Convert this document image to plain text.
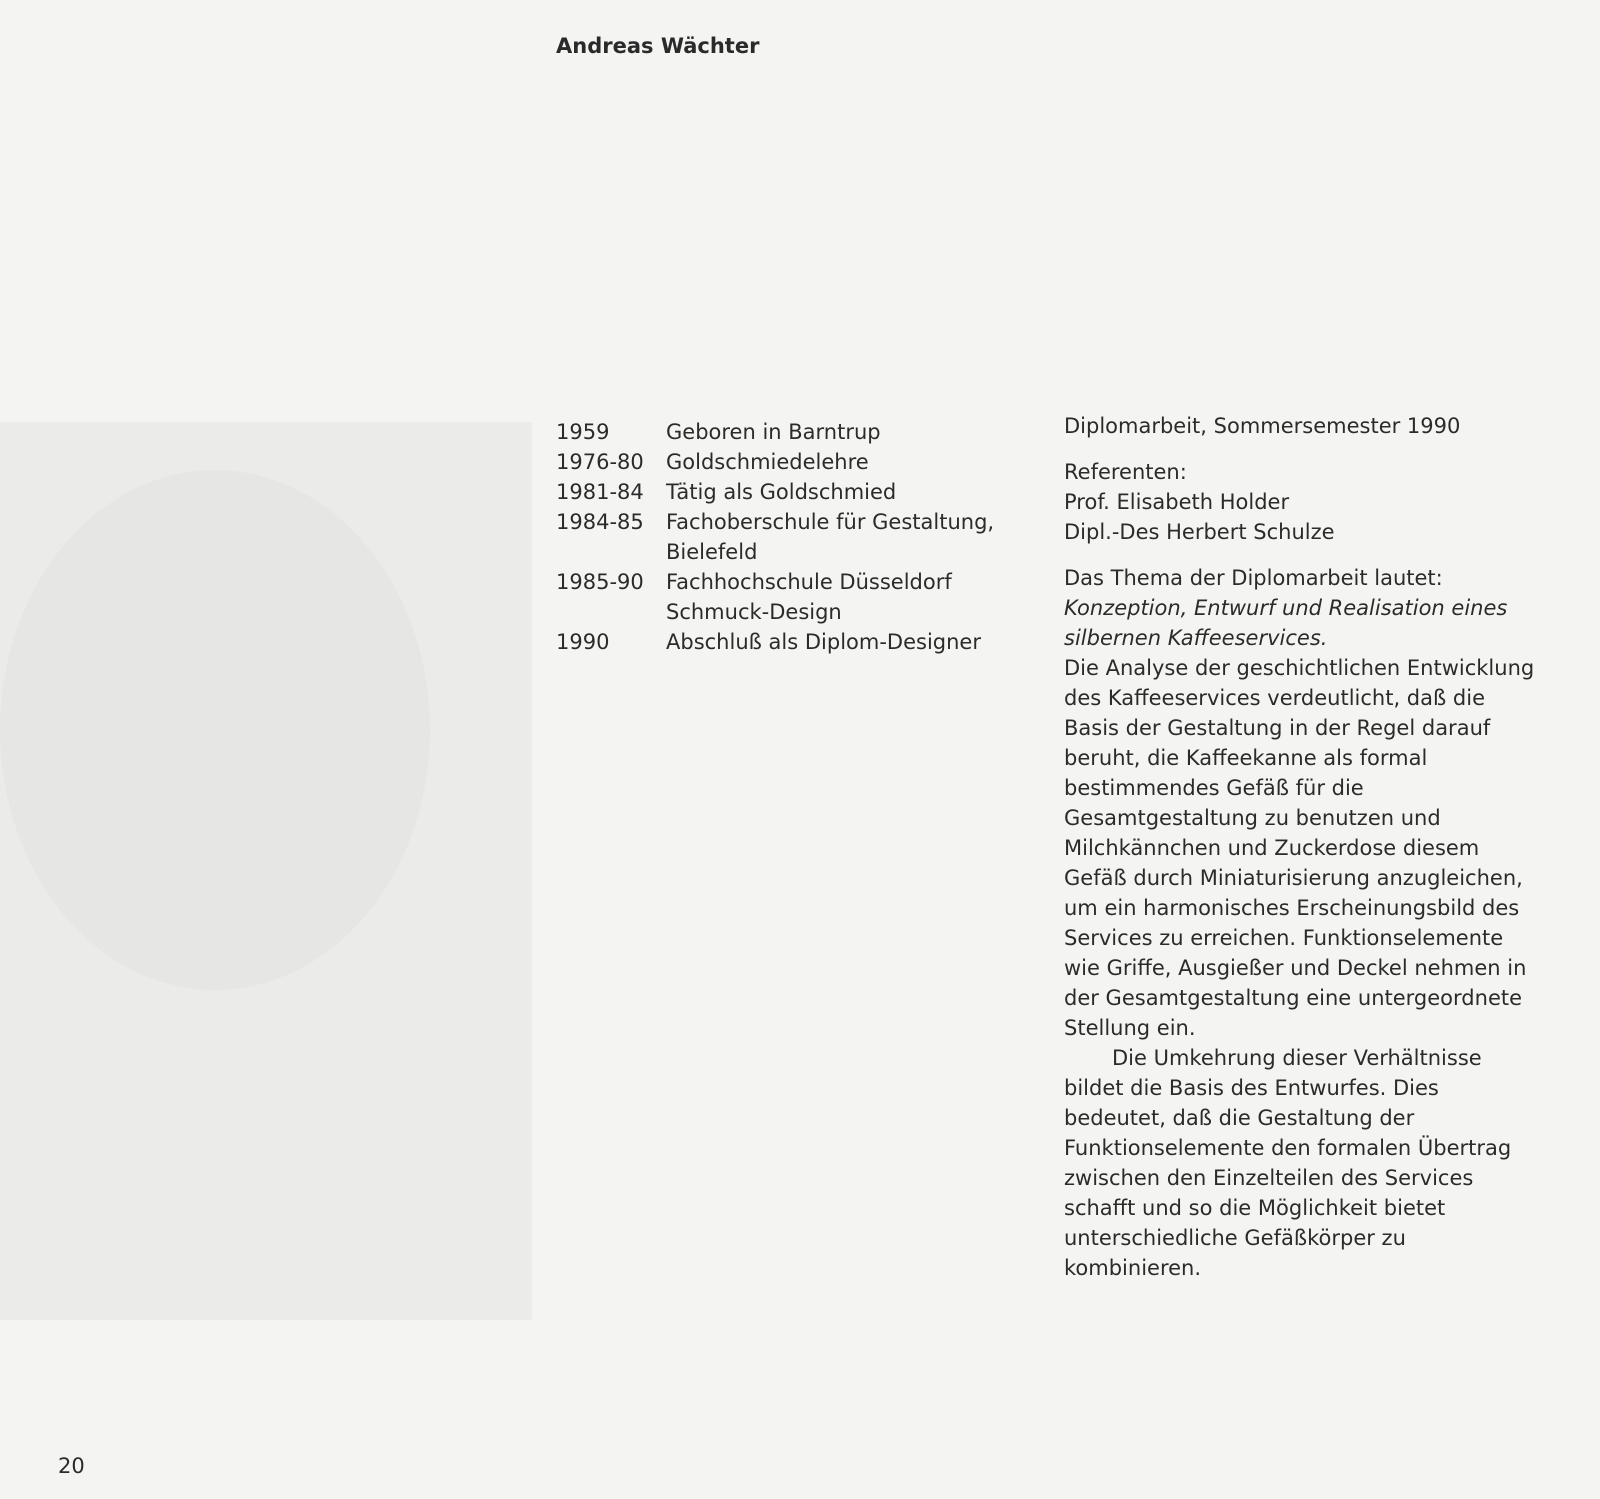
Andreas Wächter
1959	Geboren in Barntrup
1976-80	Goldschmiedelehre
1981-84	Tätig als Goldschmied
1984-85	Fachoberschule für Gestaltung, Bielefeld
1985-90	Fachhochschule Düsseldorf Schmuck-Design
1990	Abschluß als Diplom-Designer

Diplomarbeit, Sommersemester 1990

Referenten:

Prof. Elisabeth Holder

Dipl.-Des Herbert Schulze

Das Thema der Diplomarbeit lautet:

Konzeption, Entwurf und Realisation eines silbernen Kaffeeservices.

Die Analyse der geschichtlichen Entwicklung des Kaffeeservices verdeutlicht, daß die Basis der Gestaltung in der Regel darauf beruht, die Kaffeekanne als formal bestimmendes Gefäß für die Gesamtgestaltung zu benutzen und Milchkännchen und Zuckerdose diesem Gefäß durch Miniaturisierung anzugleichen, um ein harmonisches Erscheinungsbild des Services zu erreichen. Funktionselemente wie Griffe, Ausgießer und Deckel nehmen in der Gesamtgestaltung eine untergeordnete Stellung ein.

Die Umkehrung dieser Verhältnisse bildet die Basis des Entwurfes. Dies bedeutet, daß die Gestaltung der Funktionselemente den formalen Übertrag zwischen den Einzelteilen des Services schafft und so die Möglichkeit bietet unterschiedliche Gefäßkörper zu kombinieren.

20
